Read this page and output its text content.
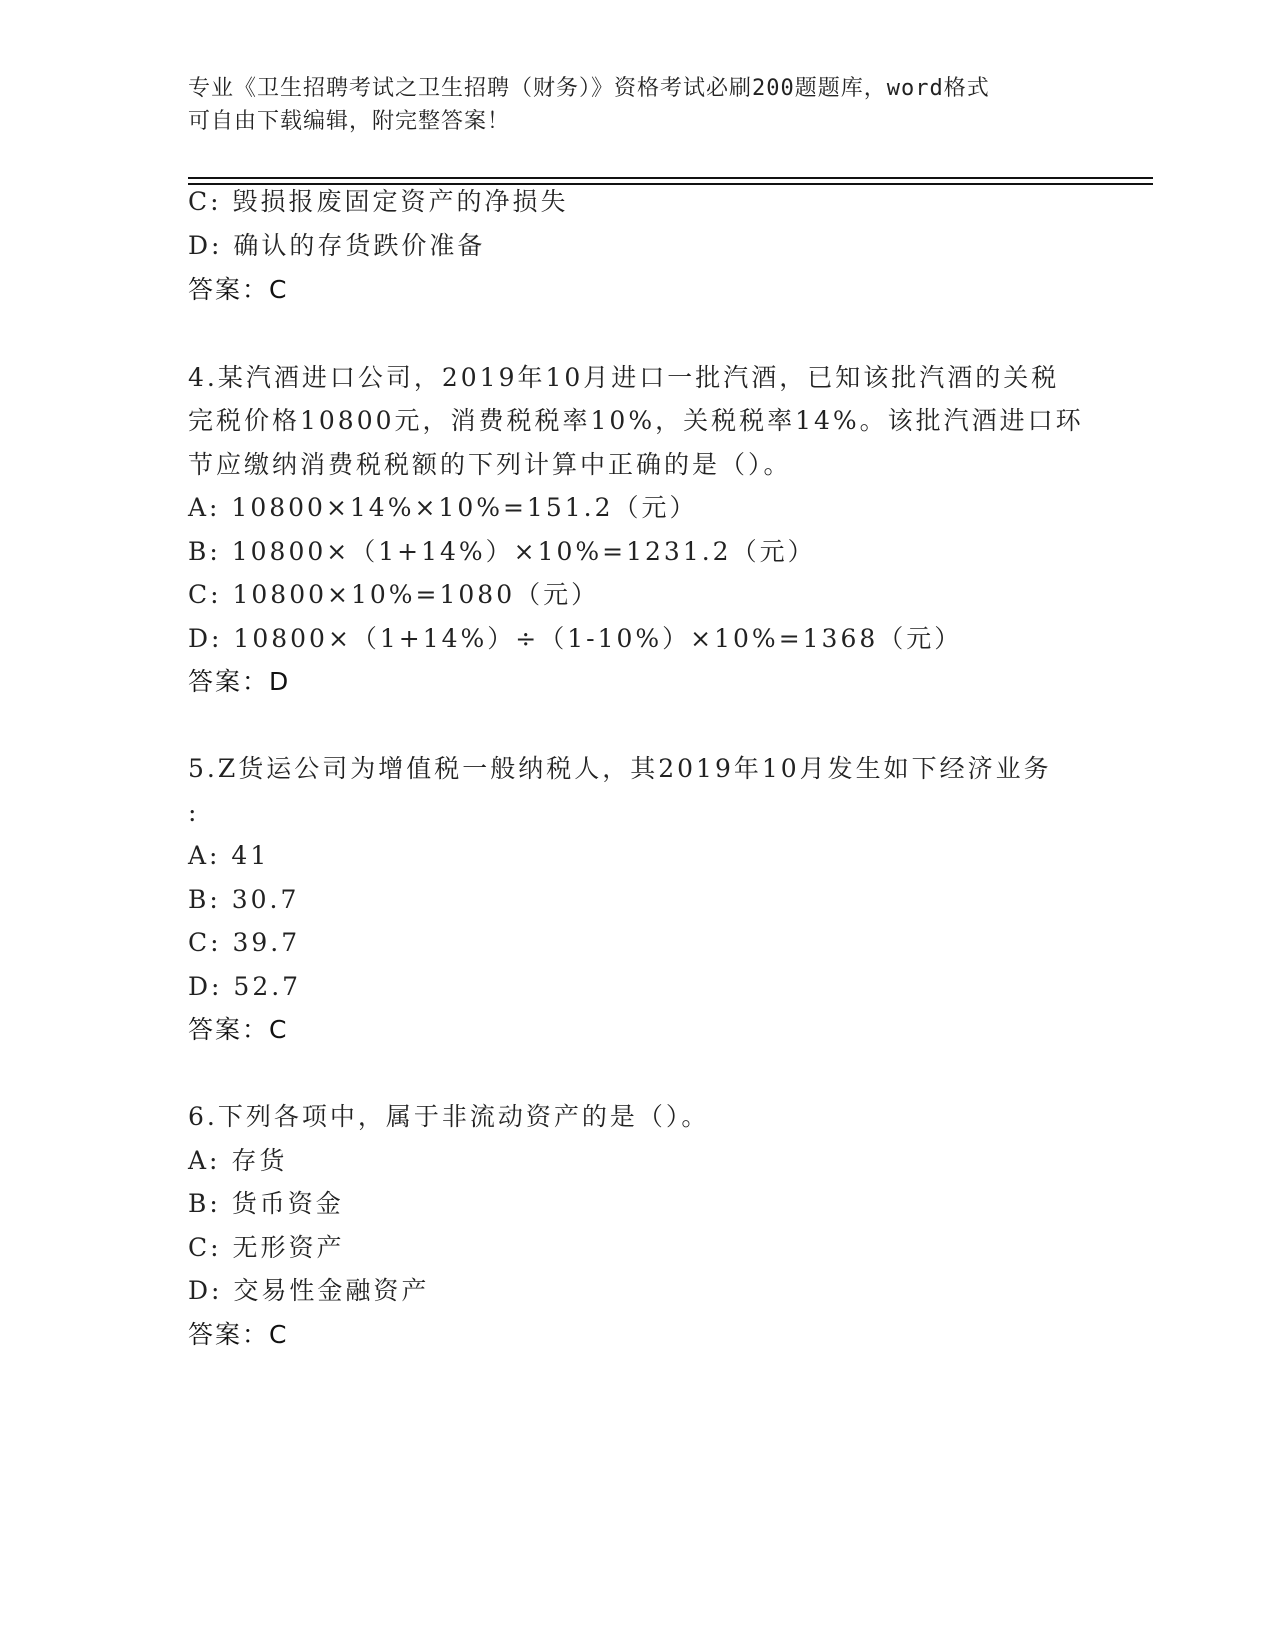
专业《卫生招聘考试之卫生招聘（财务）》资格考试必刷200题题库，word格式
可自由下载编辑，附完整答案！
C: 毁损报废固定资产的净损失
D: 确认的存货跌价准备
答案：C
4.某汽酒进口公司，2019年10月进口一批汽酒，已知该批汽酒的关税
完税价格10800元，消费税税率10%，关税税率14%。该批汽酒进口环
节应缴纳消费税税额的下列计算中正确的是（）。
A: 10800×14%×10%=151.2（元）
B: 10800×（1+14%）×10%=1231.2（元）
C: 10800×10%=1080（元）
D: 10800×（1+14%）÷（1-10%）×10%=1368（元）
答案：D
5.Z货运公司为增值税一般纳税人，其2019年10月发生如下经济业务
:
A: 41
B: 30.7
C: 39.7
D: 52.7
答案：C
6.下列各项中，属于非流动资产的是（）。
A: 存货
B: 货币资金
C: 无形资产
D: 交易性金融资产
答案：C
